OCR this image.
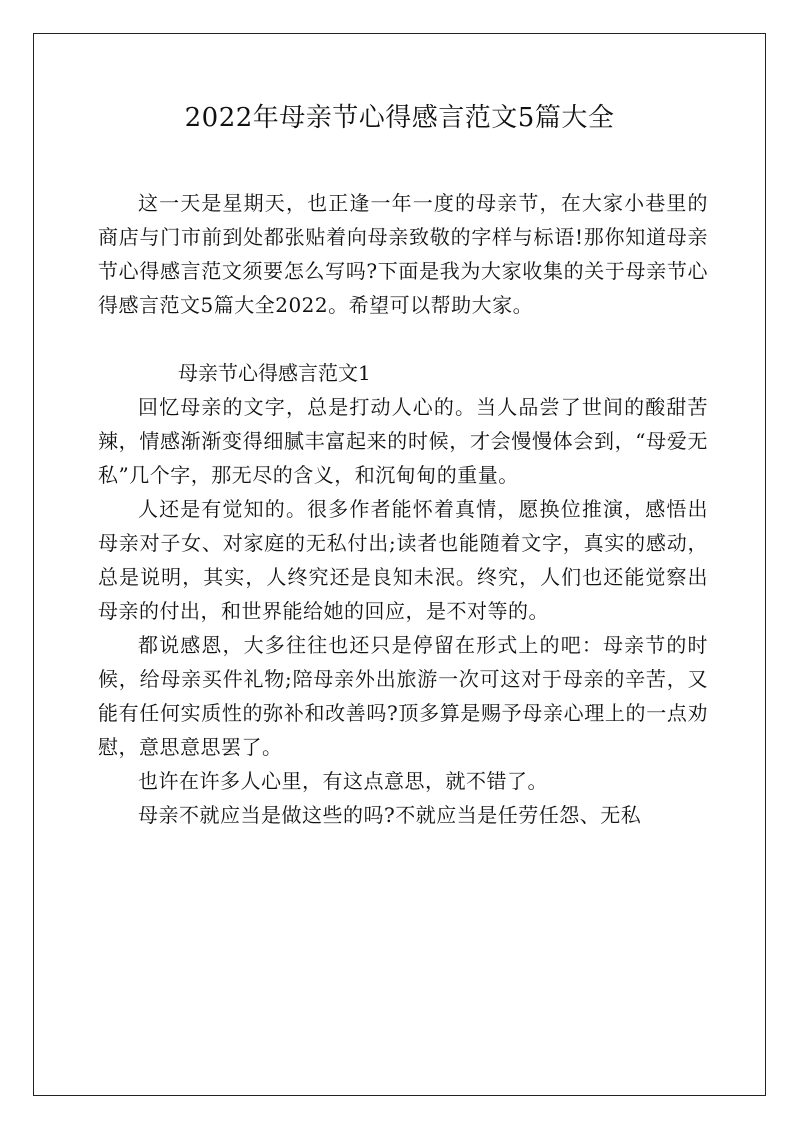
2022年母亲节心得感言范文5篇大全

这一天是星期天，也正逢一年一度的母亲节，在大家小巷里的商店与门市前到处都张贴着向母亲致敬的字样与标语!那你知道母亲节心得感言范文须要怎么写吗?下面是我为大家收集的关于母亲节心得感言范文5篇大全2022。希望可以帮助大家。

母亲节心得感言范文1

回忆母亲的文字，总是打动人心的。当人品尝了世间的酸甜苦辣，情感渐渐变得细腻丰富起来的时候，才会慢慢体会到，“母爱无私”几个字，那无尽的含义，和沉甸甸的重量。

人还是有觉知的。很多作者能怀着真情，愿换位推演，感悟出母亲对子女、对家庭的无私付出;读者也能随着文字，真实的感动，总是说明，其实，人终究还是良知未泯。终究，人们也还能觉察出母亲的付出，和世界能给她的回应，是不对等的。

都说感恩，大多往往也还只是停留在形式上的吧：母亲节的时候，给母亲买件礼物;陪母亲外出旅游一次可这对于母亲的辛苦，又能有任何实质性的弥补和改善吗?顶多算是赐予母亲心理上的一点劝慰，意思意思罢了。

也许在许多人心里，有这点意思，就不错了。

母亲不就应当是做这些的吗?不就应当是任劳任怨、无私
